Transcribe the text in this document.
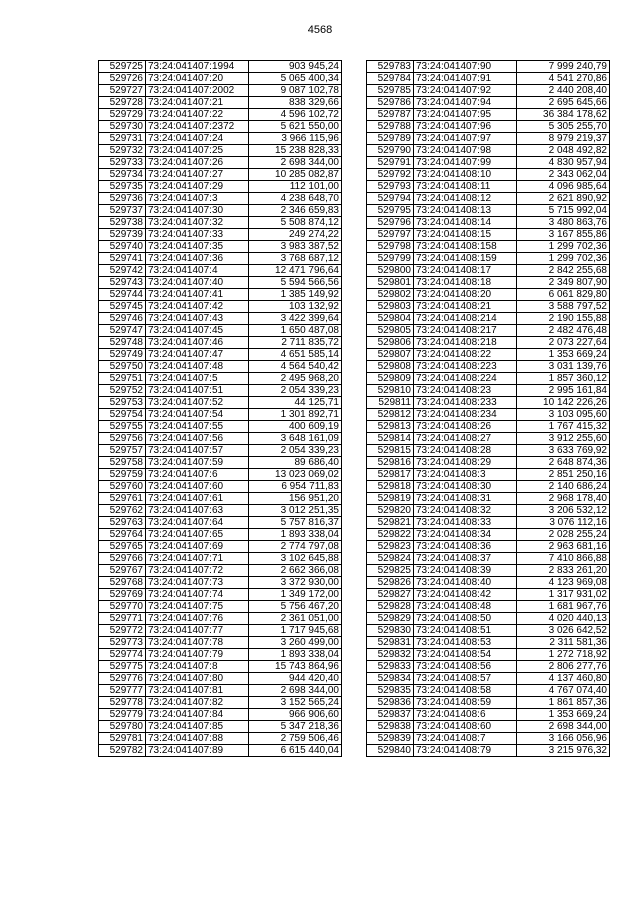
4568
529725	73:24:041407:1994	903 945,24
529726	73:24:041407:20	5 065 400,34
529727	73:24:041407:2002	9 087 102,78
529728	73:24:041407:21	838 329,66
529729	73:24:041407:22	4 596 102,72
529730	73:24:041407:2372	5 621 550,00
529731	73:24:041407:24	3 966 115,96
529732	73:24:041407:25	15 238 828,33
529733	73:24:041407:26	2 698 344,00
529734	73:24:041407:27	10 285 082,87
529735	73:24:041407:29	112 101,00
529736	73:24:041407:3	4 238 648,70
529737	73:24:041407:30	2 346 659,83
529738	73:24:041407:32	5 508 874,12
529739	73:24:041407:33	249 274,22
529740	73:24:041407:35	3 983 387,52
529741	73:24:041407:36	3 768 687,12
529742	73:24:041407:4	12 471 796,64
529743	73:24:041407:40	5 594 566,56
529744	73:24:041407:41	1 385 149,92
529745	73:24:041407:42	103 132,92
529746	73:24:041407:43	3 422 399,64
529747	73:24:041407:45	1 650 487,08
529748	73:24:041407:46	2 711 835,72
529749	73:24:041407:47	4 651 585,14
529750	73:24:041407:48	4 564 540,42
529751	73:24:041407:5	2 495 968,20
529752	73:24:041407:51	2 054 339,23
529753	73:24:041407:52	44 125,71
529754	73:24:041407:54	1 301 892,71
529755	73:24:041407:55	400 609,19
529756	73:24:041407:56	3 648 161,09
529757	73:24:041407:57	2 054 339,23
529758	73:24:041407:59	89 686,40
529759	73:24:041407:6	13 023 069,02
529760	73:24:041407:60	6 954 711,83
529761	73:24:041407:61	156 951,20
529762	73:24:041407:63	3 012 251,35
529763	73:24:041407:64	5 757 816,37
529764	73:24:041407:65	1 893 338,04
529765	73:24:041407:69	2 774 797,08
529766	73:24:041407:71	3 102 645,88
529767	73:24:041407:72	2 662 366,08
529768	73:24:041407:73	3 372 930,00
529769	73:24:041407:74	1 349 172,00
529770	73:24:041407:75	5 756 467,20
529771	73:24:041407:76	2 361 051,00
529772	73:24:041407:77	1 717 945,68
529773	73:24:041407:78	3 260 499,00
529774	73:24:041407:79	1 893 338,04
529775	73:24:041407:8	15 743 864,96
529776	73:24:041407:80	944 420,40
529777	73:24:041407:81	2 698 344,00
529778	73:24:041407:82	3 152 565,24
529779	73:24:041407:84	966 906,60
529780	73:24:041407:85	5 347 218,36
529781	73:24:041407:88	2 759 506,46
529782	73:24:041407:89	6 615 440,04
529783	73:24:041407:90	7 999 240,79
529784	73:24:041407:91	4 541 270,86
529785	73:24:041407:92	2 440 208,40
529786	73:24:041407:94	2 695 645,66
529787	73:24:041407:95	36 384 178,62
529788	73:24:041407:96	5 305 255,70
529789	73:24:041407:97	8 979 219,37
529790	73:24:041407:98	2 048 492,82
529791	73:24:041407:99	4 830 957,94
529792	73:24:041408:10	2 343 062,04
529793	73:24:041408:11	4 096 985,64
529794	73:24:041408:12	2 621 890,92
529795	73:24:041408:13	5 715 992,04
529796	73:24:041408:14	3 480 863,76
529797	73:24:041408:15	3 167 855,86
529798	73:24:041408:158	1 299 702,36
529799	73:24:041408:159	1 299 702,36
529800	73:24:041408:17	2 842 255,68
529801	73:24:041408:18	2 349 807,90
529802	73:24:041408:20	6 061 829,80
529803	73:24:041408:21	3 588 797,52
529804	73:24:041408:214	2 190 155,88
529805	73:24:041408:217	2 482 476,48
529806	73:24:041408:218	2 073 227,64
529807	73:24:041408:22	1 353 669,24
529808	73:24:041408:223	3 031 139,76
529809	73:24:041408:224	1 857 360,12
529810	73:24:041408:23	2 995 161,84
529811	73:24:041408:233	10 142 226,26
529812	73:24:041408:234	3 103 095,60
529813	73:24:041408:26	1 767 415,32
529814	73:24:041408:27	3 912 255,60
529815	73:24:041408:28	3 633 769,92
529816	73:24:041408:29	2 648 874,36
529817	73:24:041408:3	2 851 250,16
529818	73:24:041408:30	2 140 686,24
529819	73:24:041408:31	2 968 178,40
529820	73:24:041408:32	3 206 532,12
529821	73:24:041408:33	3 076 112,16
529822	73:24:041408:34	2 028 255,24
529823	73:24:041408:36	2 963 681,16
529824	73:24:041408:37	7 410 866,88
529825	73:24:041408:39	2 833 261,20
529826	73:24:041408:40	4 123 969,08
529827	73:24:041408:42	1 317 931,02
529828	73:24:041408:48	1 681 967,76
529829	73:24:041408:50	4 020 440,13
529830	73:24:041408:51	3 026 642,52
529831	73:24:041408:53	2 311 581,36
529832	73:24:041408:54	1 272 718,92
529833	73:24:041408:56	2 806 277,76
529834	73:24:041408:57	4 137 460,80
529835	73:24:041408:58	4 767 074,40
529836	73:24:041408:59	1 861 857,36
529837	73:24:041408:6	1 353 669,24
529838	73:24:041408:60	2 698 344,00
529839	73:24:041408:7	3 166 056,96
529840	73:24:041408:79	3 215 976,32
